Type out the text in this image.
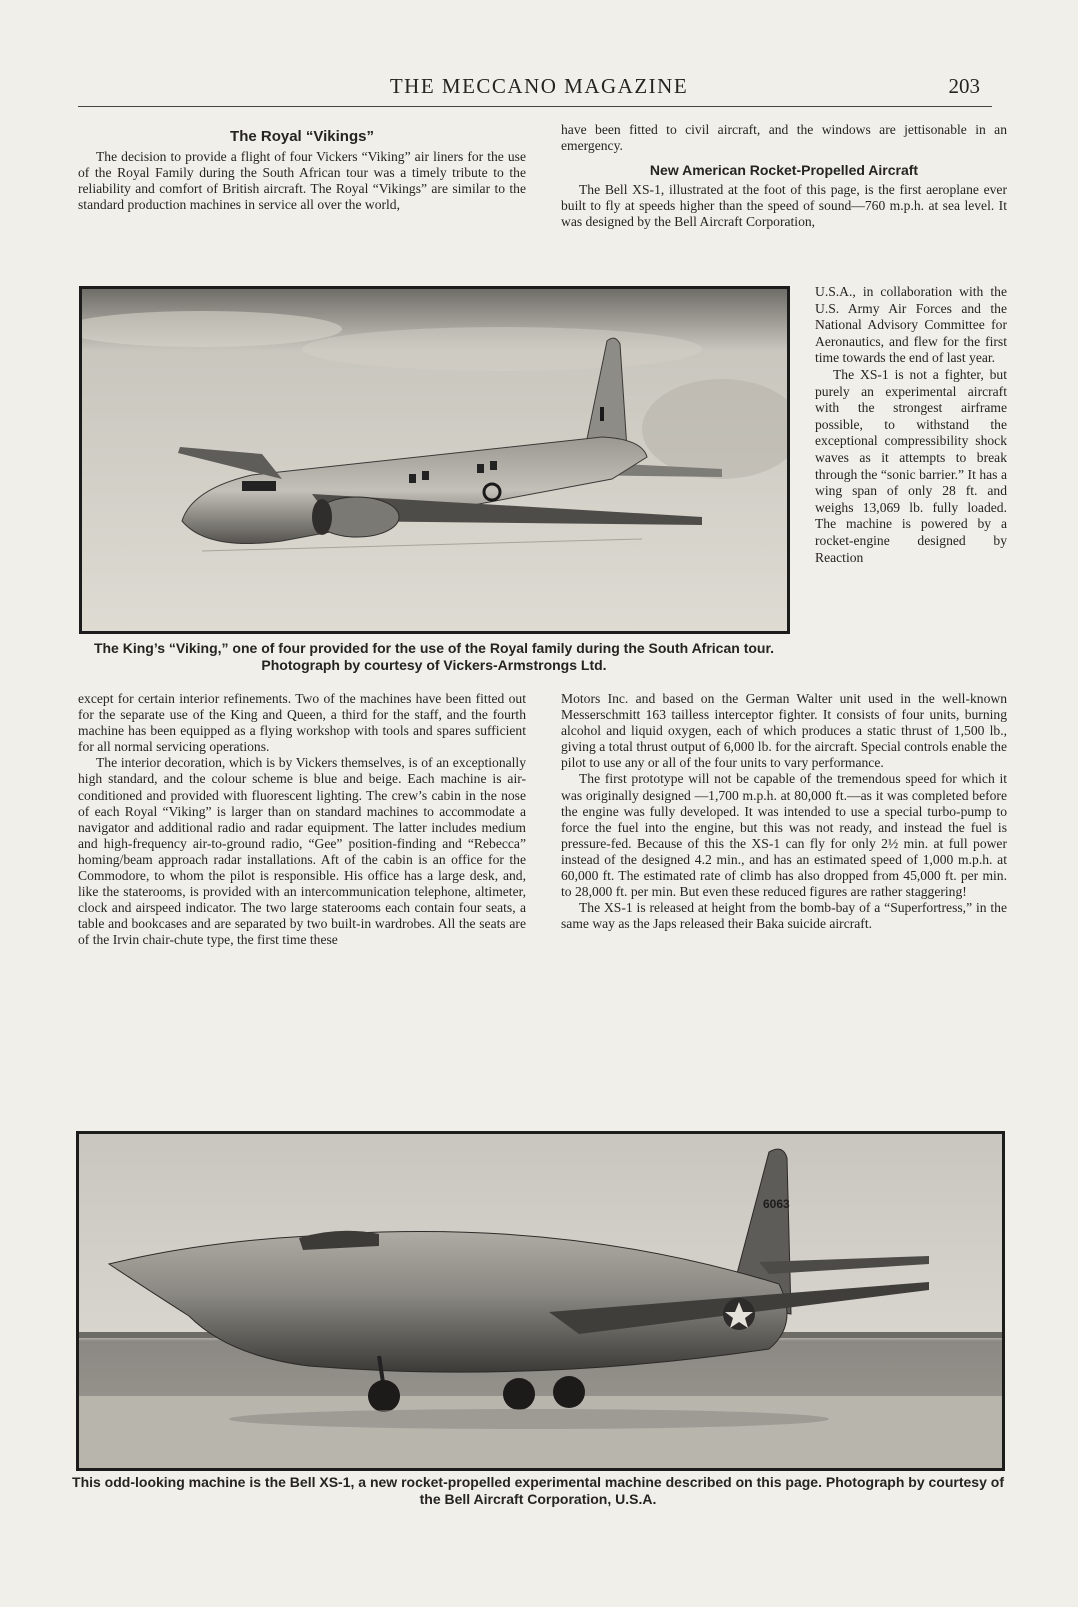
THE MECCANO MAGAZINE	203

The Royal “Vikings”

The decision to provide a flight of four Vickers “Viking” air liners for the use of the Royal Family during the South African tour was a timely tribute to the reliability and comfort of British aircraft. The Royal “Vikings” are similar to the standard production machines in service all over the world,

have been fitted to civil aircraft, and the windows are jettisonable in an emergency.

New American Rocket-Propelled Aircraft

The Bell XS-1, illustrated at the foot of this page, is the first aeroplane ever built to fly at speeds higher than the speed of sound—760 m.p.h. at sea level. It was designed by the Bell Aircraft Corporation,

U.S.A., in collaboration with the U.S. Army Air Forces and the National Advisory Committee for Aeronautics, and flew for the first time towards the end of last year.

The XS-1 is not a fighter, but purely an experimental aircraft with the strongest airframe possible, to withstand the exceptional compressibility shock waves as it attempts to break through the “sonic barrier.” It has a wing span of only 28 ft. and weighs 13,069 lb. fully loaded. The machine is powered by a rocket-engine designed by Reaction

The King’s “Viking,” one of four provided for the use of the Royal family during the South African tour. Photograph by courtesy of Vickers-Armstrongs Ltd.

except for certain interior refinements. Two of the machines have been fitted out for the separate use of the King and Queen, a third for the staff, and the fourth machine has been equipped as a flying workshop with tools and spares sufficient for all normal servicing operations.

The interior decoration, which is by Vickers themselves, is of an exceptionally high standard, and the colour scheme is blue and beige. Each machine is air-conditioned and provided with fluorescent lighting. The crew’s cabin in the nose of each Royal “Viking” is larger than on standard machines to accommodate a navigator and additional radio and radar equipment. The latter includes medium and high-frequency air-to-ground radio, “Gee” position-finding and “Rebecca” homing/beam approach radar installations. Aft of the cabin is an office for the Commodore, to whom the pilot is responsible. His office has a large desk, and, like the staterooms, is provided with an intercommunication telephone, altimeter, clock and airspeed indicator. The two large staterooms each contain four seats, a table and bookcases and are separated by two built-in wardrobes. All the seats are of the Irvin chair-chute type, the first time these

Motors Inc. and based on the German Walter unit used in the well-known Messerschmitt 163 tailless interceptor fighter. It consists of four units, burning alcohol and liquid oxygen, each of which produces a static thrust of 1,500 lb., giving a total thrust output of 6,000 lb. for the aircraft. Special controls enable the pilot to use any or all of the four units to vary performance.

The first prototype will not be capable of the tremendous speed for which it was originally designed —1,700 m.p.h. at 80,000 ft.—as it was completed before the engine was fully developed. It was intended to use a special turbo-pump to force the fuel into the engine, but this was not ready, and instead the fuel is pressure-fed. Because of this the XS-1 can fly for only 2½ min. at full power instead of the designed 4.2 min., and has an estimated speed of 1,000 m.p.h. at 60,000 ft. The estimated rate of climb has also dropped from 45,000 ft. per min. to 28,000 ft. per min. But even these reduced figures are rather staggering!

The XS-1 is released at height from the bomb-bay of a “Superfortress,” in the same way as the Japs released their Baka suicide aircraft.

6063

This odd-looking machine is the Bell XS-1, a new rocket-propelled experimental machine described on this page. Photograph by courtesy of the Bell Aircraft Corporation, U.S.A.
